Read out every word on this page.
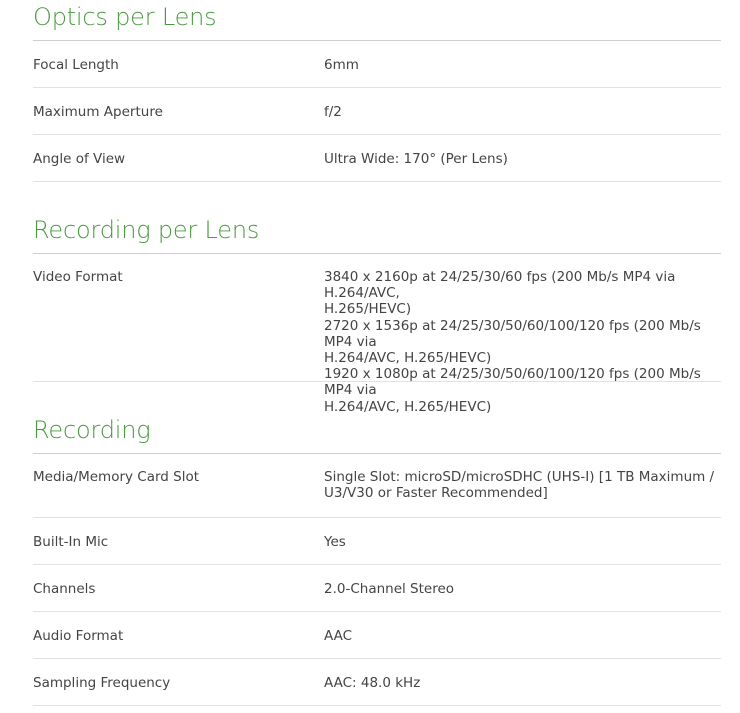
Optics per Lens
Focal Length	6mm
Maximum Aperture	f/2
Angle of View	Ultra Wide: 170° (Per Lens)
Recording per Lens
Video Format	3840 x 2160p at 24/25/30/60 fps (200 Mb/s MP4 via H.264/AVC,
H.265/HEVC)
2720 x 1536p at 24/25/30/50/60/100/120 fps (200 Mb/s MP4 via
H.264/AVC, H.265/HEVC)
1920 x 1080p at 24/25/30/50/60/100/120 fps (200 Mb/s MP4 via
H.264/AVC, H.265/HEVC)
Recording
Media/Memory Card Slot	Single Slot: microSD/microSDHC (UHS-I) [1 TB Maximum /
U3/V30 or Faster Recommended]
Built-In Mic	Yes
Channels	2.0-Channel Stereo
Audio Format	AAC
Sampling Frequency	AAC: 48.0 kHz
